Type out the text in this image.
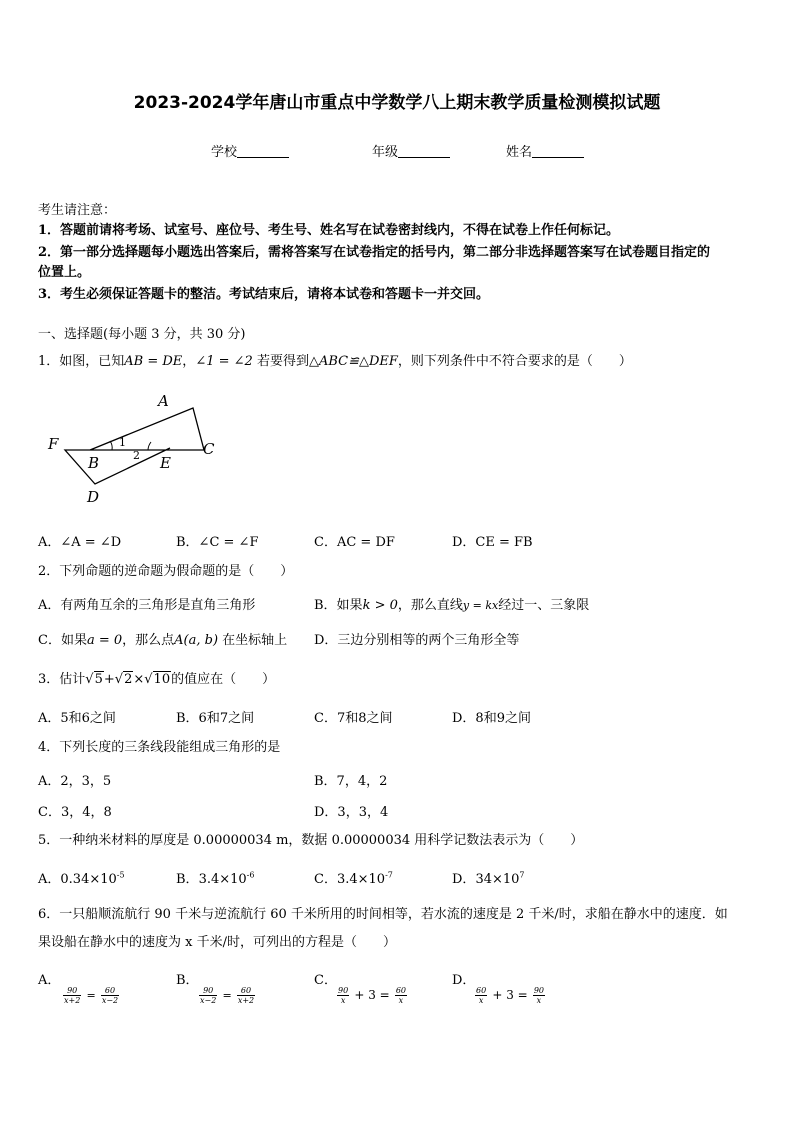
2023-2024学年唐山市重点中学数学八上期末教学质量检测模拟试题
学校	年级	姓名
考生请注意：
1．答题前请将考场、试室号、座位号、考生号、姓名写在试卷密封线内，不得在试卷上作任何标记。
2．第一部分选择题每小题选出答案后，需将答案写在试卷指定的括号内，第二部分非选择题答案写在试卷题目指定的
位置上。
3．考生必须保证答题卡的整洁。考试结束后，请将本试卷和答题卡一并交回。
一、选择题(每小题 3 分，共 30 分)
1．如图，已知AB = DE，∠1 = ∠2 若要得到△ABC≌△DEF，则下列条件中不符合要求的是（　　）
A
F
B
C
E
D
1
2
A．∠A = ∠D	B．∠C = ∠F	C．AC = DF	D．CE = FB
2．下列命题的逆命题为假命题的是（　　）
A．有两角互余的三角形是直角三角形	B．如果k > 0，那么直线y = kx经过一、三象限
C．如果a = 0，那么点A(a, b) 在坐标轴上 D．三边分别相等的两个三角形全等
3．估计√5+√2×√10的值应在（　　）
A．5和6之间	B．6和7之间	C．7和8之间	D．8和9之间
4．下列长度的三条线段能组成三角形的是
A．2，3，5	B．7，4，2
C．3，4，8	D．3，3，4
5．一种纳米材料的厚度是 0.00000034 m，数据 0.00000034 用科学记数法表示为（　　）
A．$0.34\times 10^{-5}$	B．$3.4\times 10^{-6}$	C．$3.4\times 10^{-7}$	D．$34\times 10^7$
6．一只船顺流航行 90 千米与逆流航行 60 千米所用的时间相等，若水流的速度是 2 千米/时，求船在静水中的速度．如
果设船在静水中的速度为 x 千米/时，可列出的方程是（　　）
A．

$\frac{90}{x+2} = \frac{60}{x-2}$
B．

$\frac{90}{x-2} = \frac{60}{x+2}$
C．

$\frac{90}{x} + 3 = \frac{60}{x}$
D．

$\frac{60}{x} + 3 = \frac{90}{x}$
